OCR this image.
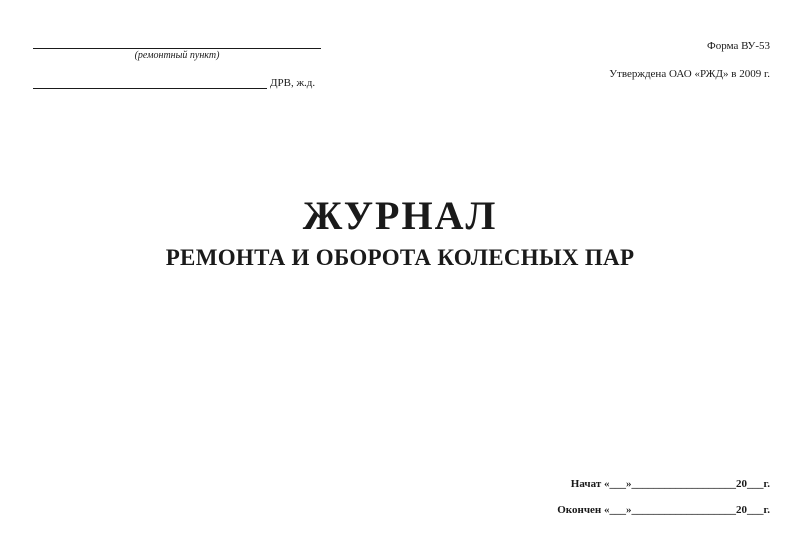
(ремонтный пункт)
ДРВ, ж.д.
Форма ВУ-53
Утверждена ОАО «РЖД» в 2009 г.
ЖУРНАЛ
РЕМОНТА И ОБОРОТА КОЛЕСНЫХ ПАР
Начат «___»___________________20___г.
Окончен «___»___________________20___г.
